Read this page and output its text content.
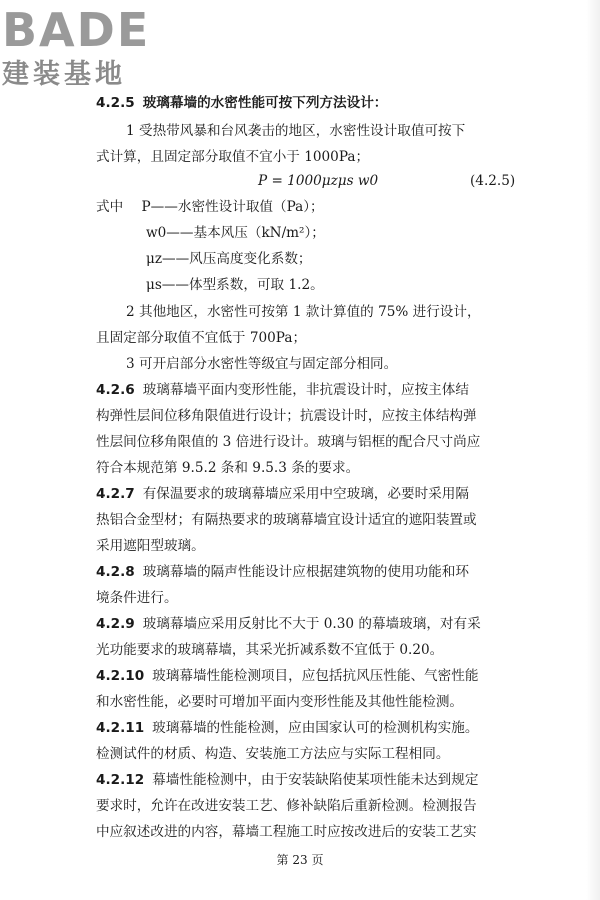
BADE
建装基地
4.2.5 玻璃幕墙的水密性能可按下列方法设计：
1 受热带风暴和台风袭击的地区，水密性设计取值可按下
式计算，且固定部分取值不宜小于 1000Pa；
P = 1000μzμs w0	(4.2.5)
式中 P——水密性设计取值（Pa）；
w0——基本风压（kN/m²）；
μz——风压高度变化系数；
μs——体型系数，可取 1.2。
2 其他地区，水密性可按第 1 款计算值的 75% 进行设计，
且固定部分取值不宜低于 700Pa；
3 可开启部分水密性等级宜与固定部分相同。
4.2.6 玻璃幕墙平面内变形性能，非抗震设计时，应按主体结
构弹性层间位移角限值进行设计；抗震设计时，应按主体结构弹
性层间位移角限值的 3 倍进行设计。玻璃与铝框的配合尺寸尚应
符合本规范第 9.5.2 条和 9.5.3 条的要求。
4.2.7 有保温要求的玻璃幕墙应采用中空玻璃，必要时采用隔
热铝合金型材；有隔热要求的玻璃幕墙宜设计适宜的遮阳装置或
采用遮阳型玻璃。
4.2.8 玻璃幕墙的隔声性能设计应根据建筑物的使用功能和环
境条件进行。
4.2.9 玻璃幕墙应采用反射比不大于 0.30 的幕墙玻璃，对有采
光功能要求的玻璃幕墙，其采光折减系数不宜低于 0.20。
4.2.10 玻璃幕墙性能检测项目，应包括抗风压性能、气密性能
和水密性能，必要时可增加平面内变形性能及其他性能检测。
4.2.11 玻璃幕墙的性能检测，应由国家认可的检测机构实施。
检测试件的材质、构造、安装施工方法应与实际工程相同。
4.2.12 幕墙性能检测中，由于安装缺陷使某项性能未达到规定
要求时，允许在改进安装工艺、修补缺陷后重新检测。检测报告
中应叙述改进的内容，幕墙工程施工时应按改进后的安装工艺实
第 23 页
